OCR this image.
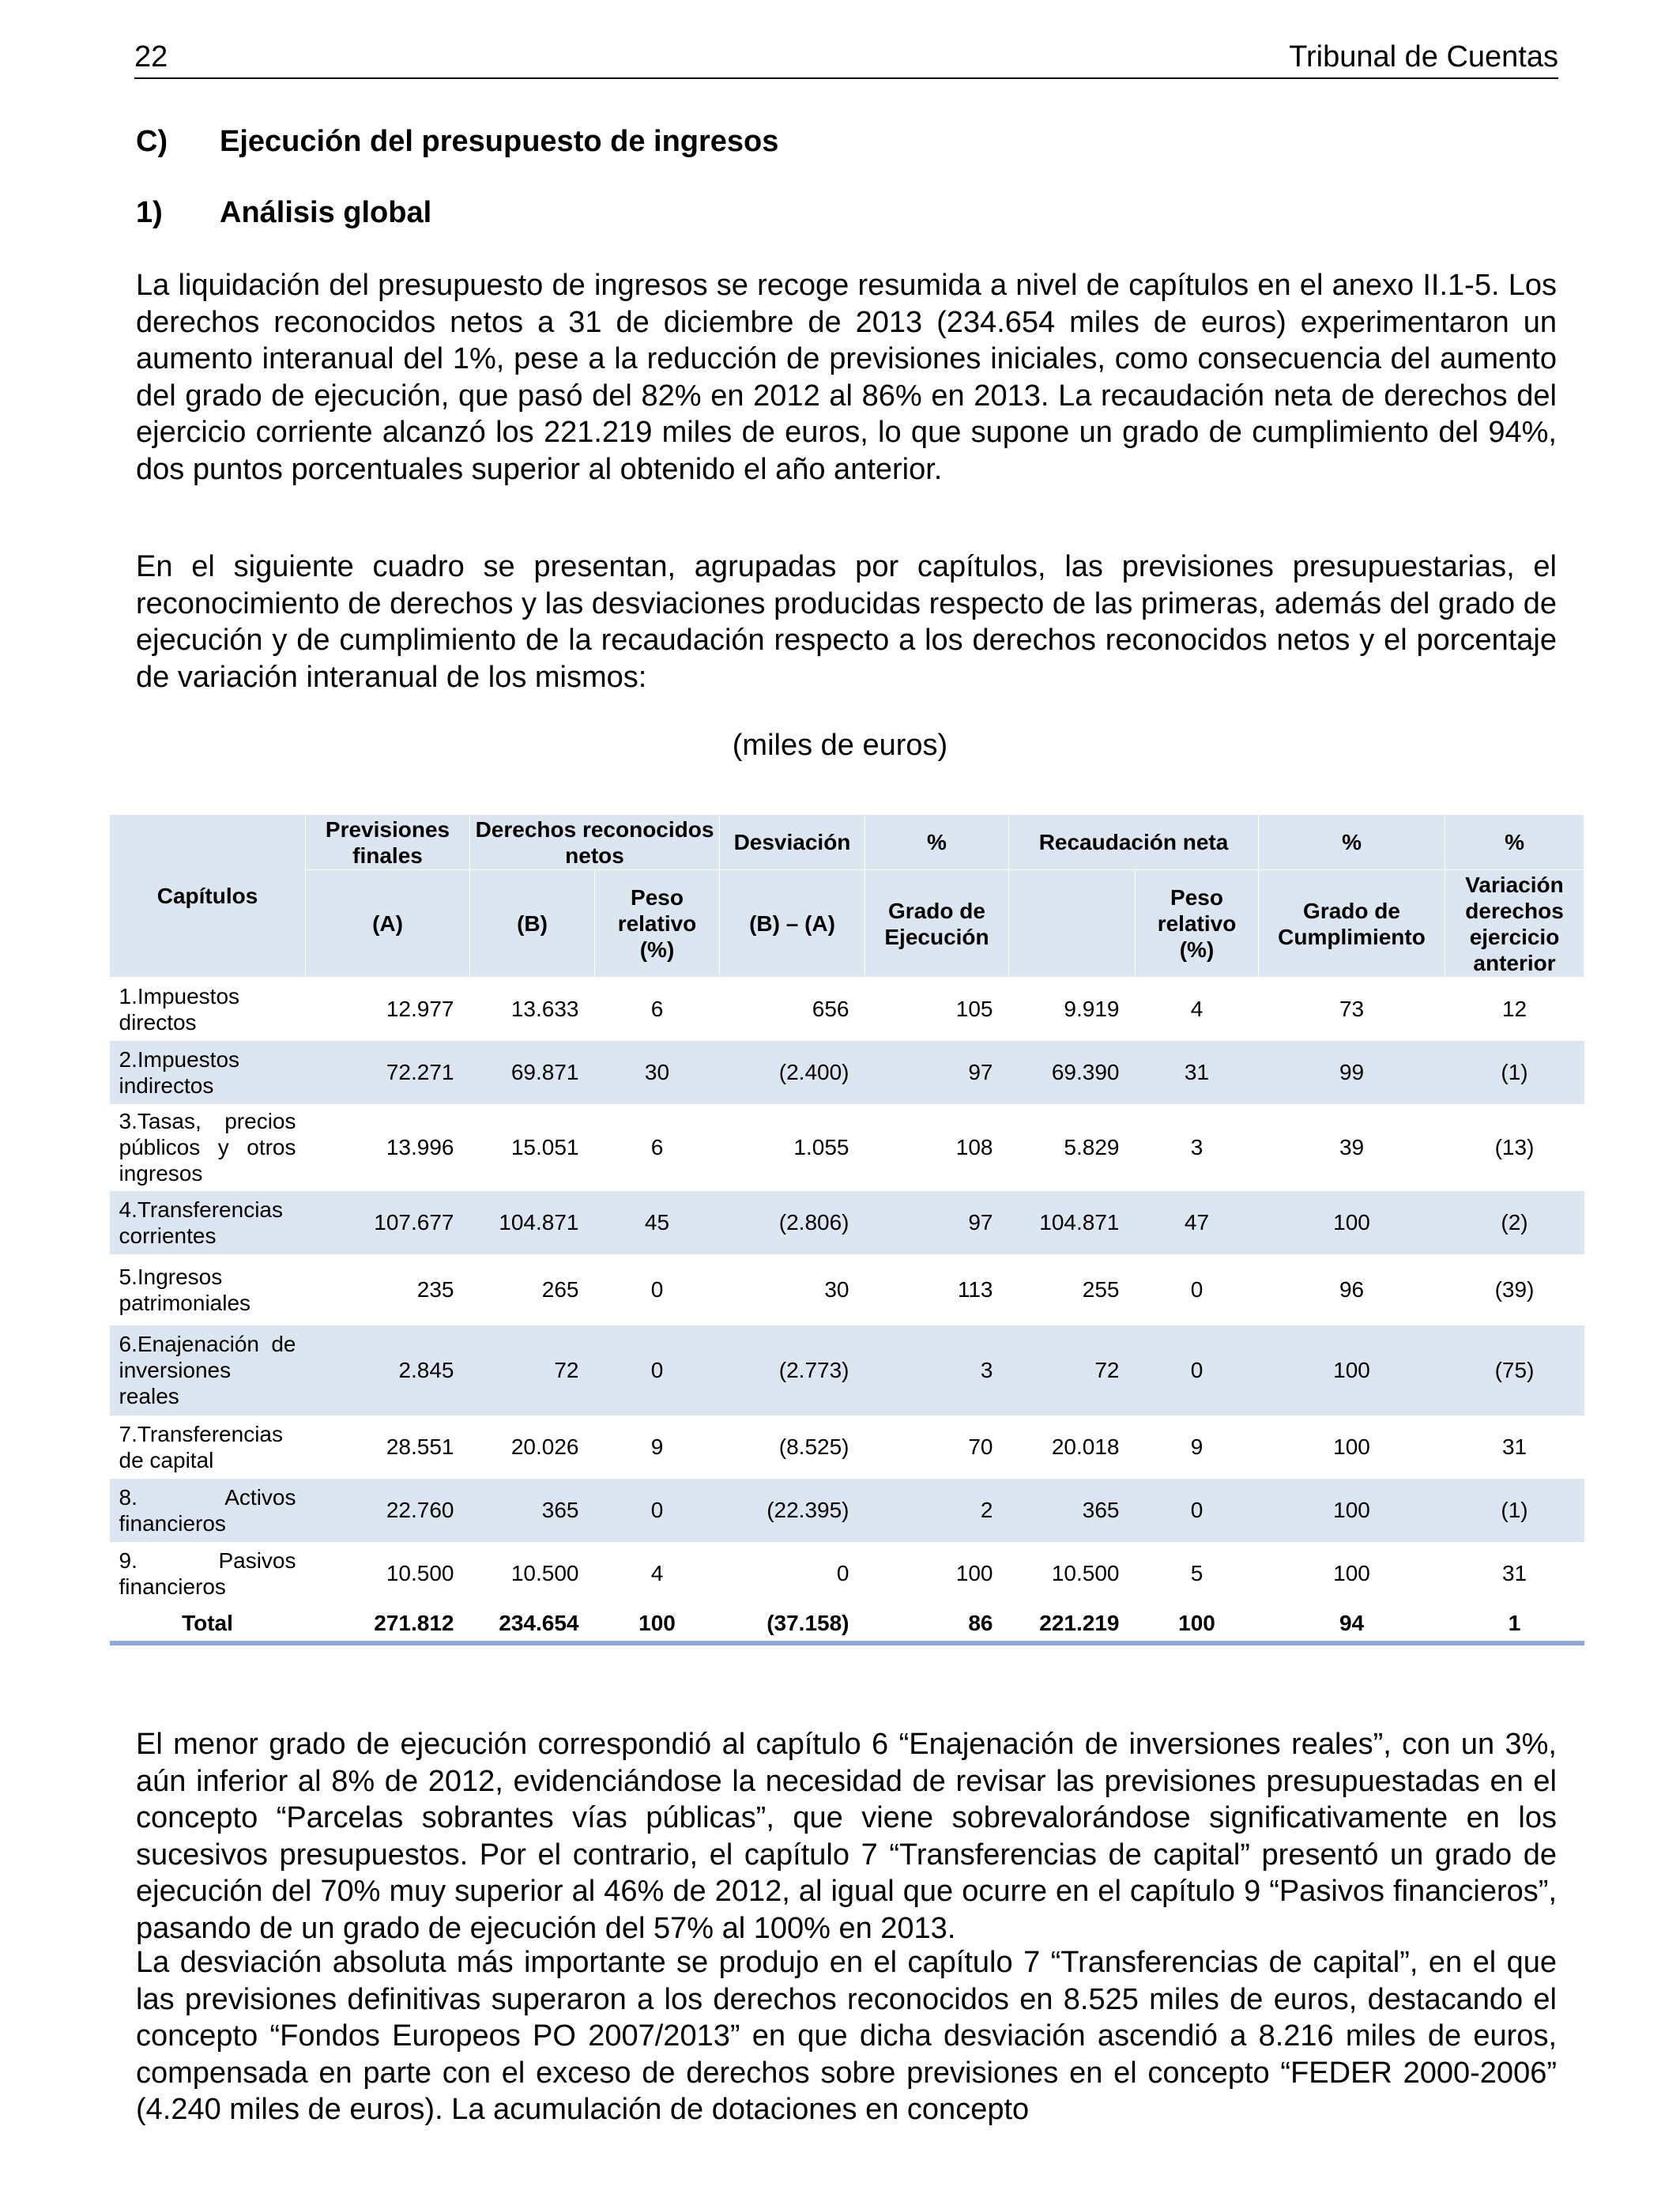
22	Tribunal de Cuentas
C)	Ejecución del presupuesto de ingresos
1)	Análisis global

La liquidación del presupuesto de ingresos se recoge resumida a nivel de capítulos en el anexo II.1-5. Los derechos reconocidos netos a 31 de diciembre de 2013 (234.654 miles de euros) experimentaron un aumento interanual del 1%, pese a la reducción de previsiones iniciales, como consecuencia del aumento del grado de ejecución, que pasó del 82% en 2012 al 86% en 2013. La recaudación neta de derechos del ejercicio corriente alcanzó los 221.219 miles de euros, lo que supone un grado de cumplimiento del 94%, dos puntos porcentuales superior al obtenido el año anterior.

En el siguiente cuadro se presentan, agrupadas por capítulos, las previsiones presupuestarias, el reconocimiento de derechos y las desviaciones producidas respecto de las primeras, además del grado de ejecución y de cumplimiento de la recaudación respecto a los derechos reconocidos netos y el porcentaje de variación interanual de los mismos:

(miles de euros)
Capítulos	Previsiones finales	Derechos reconocidos netos		Desviación	%	Recaudación neta		%	%
	(A)	(B)	Peso relativo (%)	(B) – (A)	Grado de Ejecución		Peso relativo (%)	Grado de Cumplimiento	Variación derechos ejercicio anterior
1.Impuestos directos	12.977	13.633	6	656	105	9.919	4	73	12
2.Impuestos indirectos	72.271	69.871	30	(2.400)	97	69.390	31	99	(1)
3.Tasas, precios públicos y otros ingresos	13.996	15.051	6	1.055	108	5.829	3	39	(13)
4.Transferencias corrientes	107.677	104.871	45	(2.806)	97	104.871	47	100	(2)
5.Ingresos patrimoniales	235	265	0	30	113	255	0	96	(39)
6.Enajenación de inversiones reales	2.845	72	0	(2.773)	3	72	0	100	(75)
7.Transferencias de capital	28.551	20.026	9	(8.525)	70	20.018	9	100	31
8. Activos financieros	22.760	365	0	(22.395)	2	365	0	100	(1)
9. Pasivos financieros	10.500	10.500	4	0	100	10.500	5	100	31
Total	271.812	234.654	100	(37.158)	86	221.219	100	94	1

El menor grado de ejecución correspondió al capítulo 6 “Enajenación de inversiones reales”, con un 3%, aún inferior al 8% de 2012, evidenciándose la necesidad de revisar las previsiones presupuestadas en el concepto “Parcelas sobrantes vías públicas”, que viene sobrevalorándose significativamente en los sucesivos presupuestos. Por el contrario, el capítulo 7 “Transferencias de capital” presentó un grado de ejecución del 70% muy superior al 46% de 2012, al igual que ocurre en el capítulo 9 “Pasivos financieros”, pasando de un grado de ejecución del 57% al 100% en 2013.

La desviación absoluta más importante se produjo en el capítulo 7 “Transferencias de capital”, en el que las previsiones definitivas superaron a los derechos reconocidos en 8.525 miles de euros, destacando el concepto “Fondos Europeos PO 2007/2013” en que dicha desviación ascendió a 8.216 miles de euros, compensada en parte con el exceso de derechos sobre previsiones en el concepto “FEDER 2000-2006” (4.240 miles de euros). La acumulación de dotaciones en concepto
